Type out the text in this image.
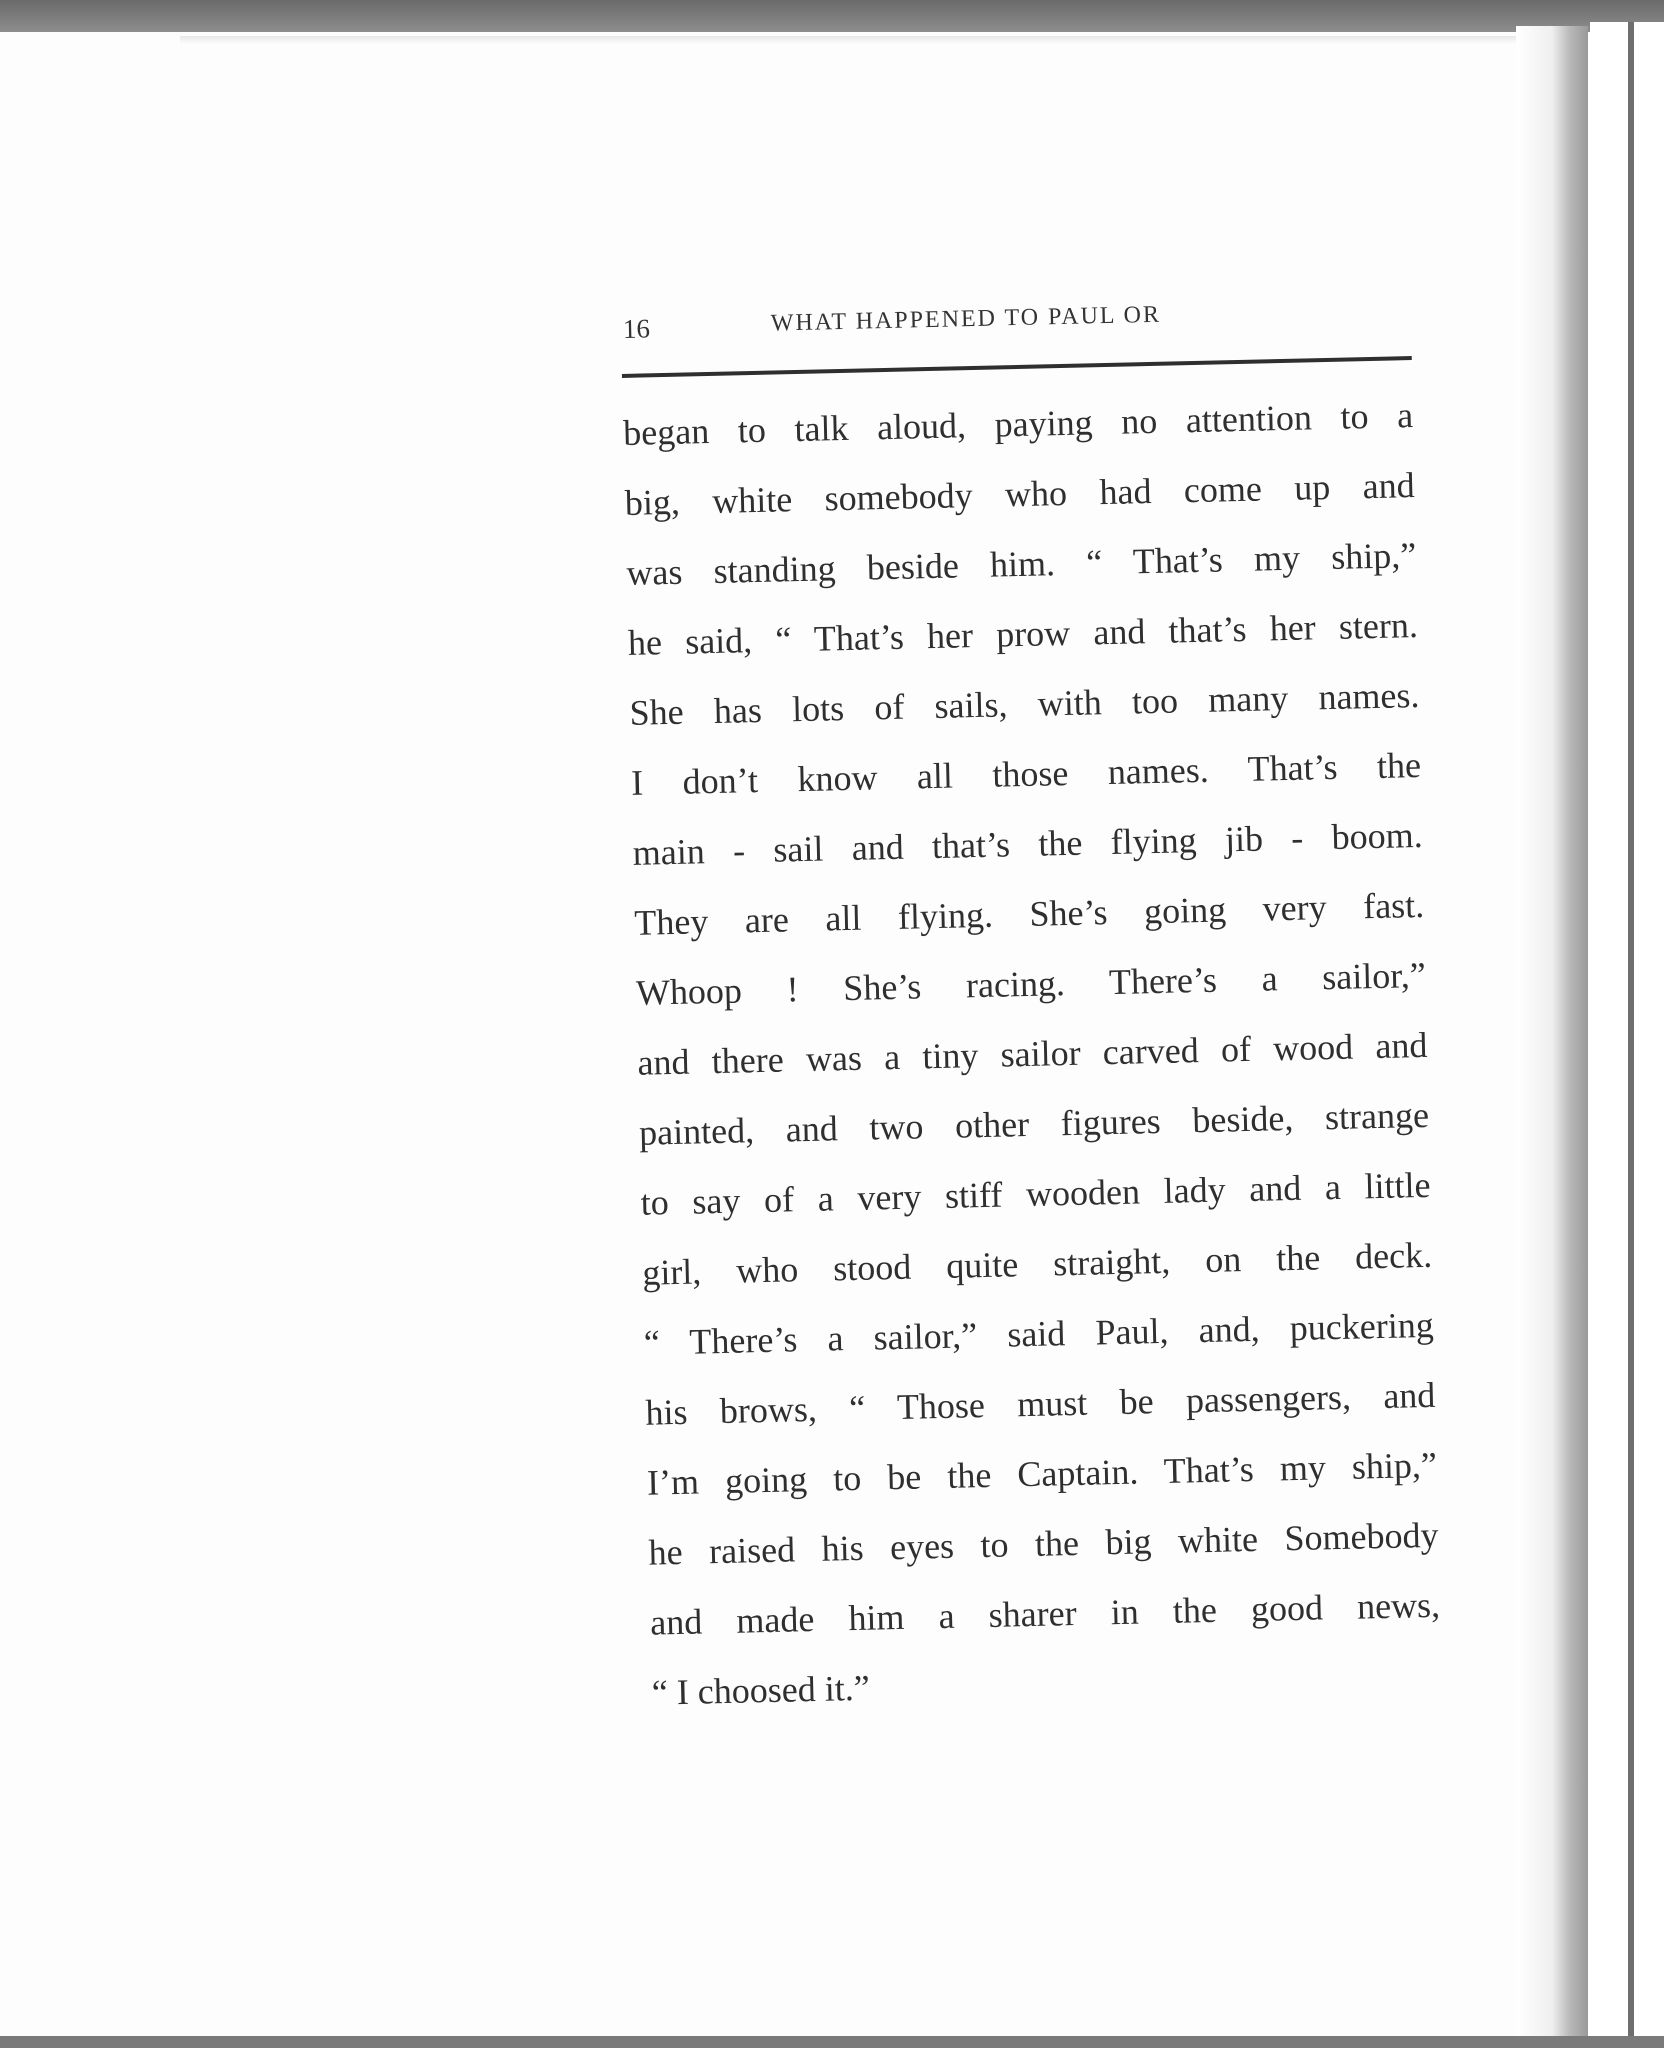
16	WHAT HAPPENED TO PAUL OR
began to talk aloud, paying no attention to a
big, white somebody who had come up and
was standing beside him. “ That’s my ship,”
he said, “ That’s her prow and that’s her stern.
She has lots of sails, with too many names.
I don’t know all those names. That’s the
main - sail and that’s the flying jib - boom.
They are all flying. She’s going very fast.
Whoop ! She’s racing. There’s a sailor,”
and there was a tiny sailor carved of wood and
painted, and two other figures beside, strange
to say of a very stiff wooden lady and a little
girl, who stood quite straight, on the deck.
“ There’s a sailor,” said Paul, and, puckering
his brows, “ Those must be passengers, and
I’m going to be the Captain. That’s my ship,”
he raised his eyes to the big white Somebody
and made him a sharer in the good news,
“ I choosed it.”
